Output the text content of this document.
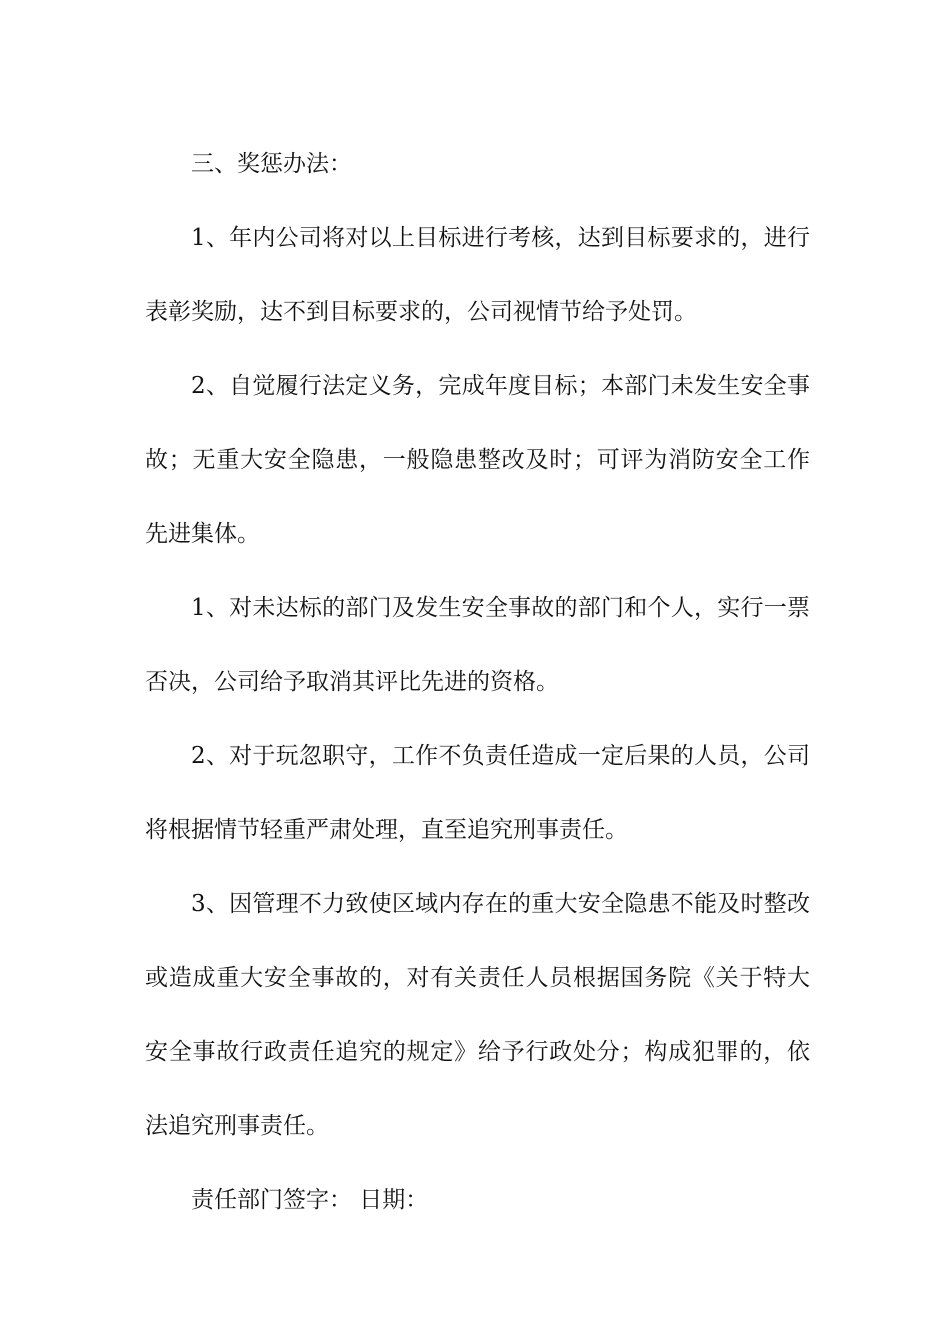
三、奖惩办法：

1、年内公司将对以上目标进行考核，达到目标要求的，进行表彰奖励，达不到目标要求的，公司视情节给予处罚。

2、自觉履行法定义务，完成年度目标；本部门未发生安全事故；无重大安全隐患，一般隐患整改及时；可评为消防安全工作先进集体。

1、对未达标的部门及发生安全事故的部门和个人，实行一票否决，公司给予取消其评比先进的资格。

2、对于玩忽职守，工作不负责任造成一定后果的人员，公司将根据情节轻重严肃处理，直至追究刑事责任。

3、因管理不力致使区域内存在的重大安全隐患不能及时整改或造成重大安全事故的，对有关责任人员根据国务院《关于特大安全事故行政责任追究的规定》给予行政处分；构成犯罪的，依法追究刑事责任。

责任部门签字： 日期：
